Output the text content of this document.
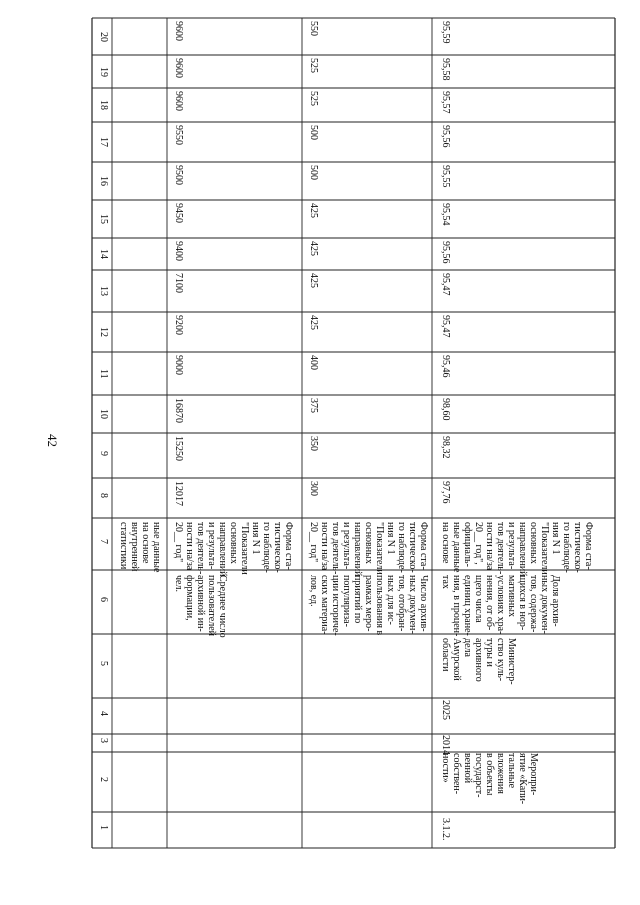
42
1
2
3
4
5
6
7
8
9
10
11
12
13
14
15
16
17
18
19
20
ные данные
на основе
внутренней
статистики
Среднее число
пользователей
архивной ин-
формации,
чел.
Форма ста-
тистическо-
го наблюде-
ния N 1
"Показатели
основных
направлений
и результа-
тов деятель-
ности на/за
20__ год"
12017
15250
16870
9000
9200
7100
9400
9450
9500
9550
9600
9600
9600
Число архив-
ных докумен-
тов, отобран-
ных для ис-
пользования в
рамках меро-
приятий по
популяриза-
ции историче-
ских материа-
лов, ед.
Форма ста-
тистическо-
го наблюде-
ния N 1
"Показатели
основных
направлений
и результа-
тов деятель-
ности на/за
20__ год"
300
350
375
400
425
425
425
425
500
500
525
525
550
3.1.2.
Меропри-
ятие «Капи-
тальные
вложения
в объекты
государст-
венной
собствен-
ности»
2014
2025
Министер-
ство куль-
туры и
архивного
дела
Амурской
области
Доля архив-
ных докумен-
тов, содержа-
щихся в нор-
мативных
условиях хра-
нения, от об-
щего числа
единиц хране-
ния, в процен-
тах
Форма ста-
тистическо-
го наблюде-
ния N 1
"Показатели
основных
направлений
и результа-
тов деятель-
ности на/за
20__ год",
официаль-
ные данные
на основе
97,76
98,32
98,60
95,46
95,47
95,47
95,56
95,54
95,55
95,56
95,57
95,58
95,59
